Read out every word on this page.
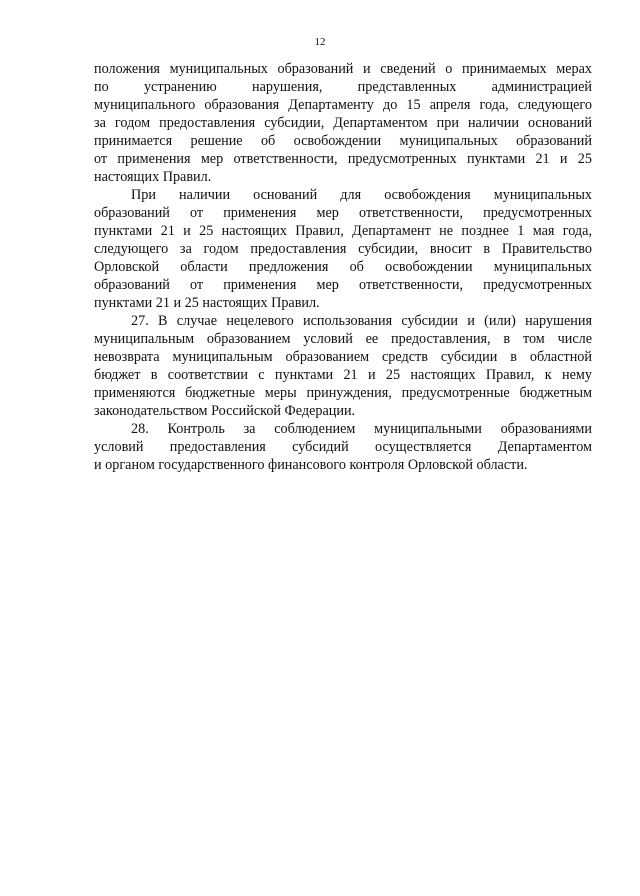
12
положения муниципальных образований и сведений о принимаемых мерах
по устранению нарушения, представленных администрацией
муниципального образования Департаменту до 15 апреля года, следующего
за годом предоставления субсидии, Департаментом при наличии оснований
принимается решение об освобождении муниципальных образований
от применения мер ответственности, предусмотренных пунктами 21 и 25
настоящих Правил.
При наличии оснований для освобождения муниципальных
образований от применения мер ответственности, предусмотренных
пунктами 21 и 25 настоящих Правил, Департамент не позднее 1 мая года,
следующего за годом предоставления субсидии, вносит в Правительство
Орловской области предложения об освобождении муниципальных
образований от применения мер ответственности, предусмотренных
пунктами 21 и 25 настоящих Правил.
27. В случае нецелевого использования субсидии и (или) нарушения
муниципальным образованием условий ее предоставления, в том числе
невозврата муниципальным образованием средств субсидии в областной
бюджет в соответствии с пунктами 21 и 25 настоящих Правил, к нему
применяются бюджетные меры принуждения, предусмотренные бюджетным
законодательством Российской Федерации.
28. Контроль за соблюдением муниципальными образованиями
условий предоставления субсидий осуществляется Департаментом
и органом государственного финансового контроля Орловской области.
